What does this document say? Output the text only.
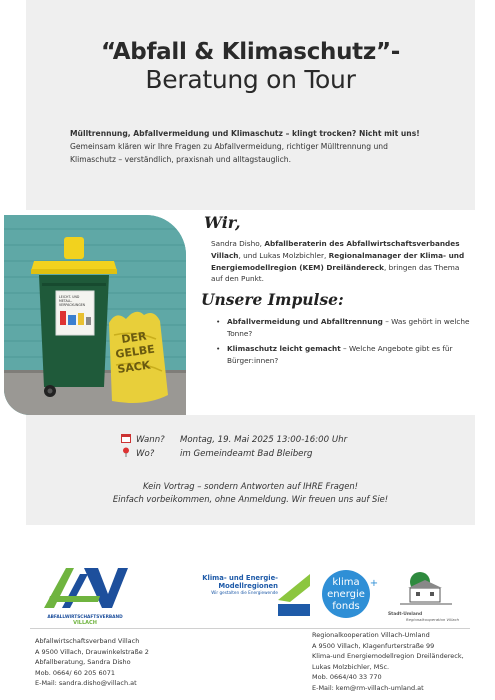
“Abfall & Klimaschutz”-
Beratung on Tour
Mülltrennung, Abfallvermeidung und Klimaschutz – klingt trocken? Nicht mit uns!
Gemeinsam klären wir Ihre Fragen zu Abfallvermeidung, richtiger Mülltrennung und Klimaschutz – verständlich, praxisnah und alltagstauglich.
LEICHT- UND
METALL-
VERPACKUNGEN
DER
GELBE
SACK
Wir,
Sandra Disho, Abfallberaterin des Abfallwirtschaftsverbandes Villach, und Lukas Molzbichler, Regionalmanager der Klima- und Energiemodellregion (KEM) Dreiländereck, bringen das Thema auf den Punkt.
Unsere Impulse:
• Abfallvermeidung und Abfalltrennung – Was gehört in welche Tonne?
• Klimaschutz leicht gemacht – Welche Angebote gibt es für Bürger:innen?
Wann?	Montag, 19. Mai 2025 13:00-16:00 Uhr
Wo?	im Gemeindeamt Bad Bleiberg
Kein Vortrag – sondern Antworten auf IHRE Fragen!
Einfach vorbeikommen, ohne Anmeldung. Wir freuen uns auf Sie!
ABFALLWIRTSCHAFTSVERBAND
VILLACH
Klima- und Energie-
Modellregionen
Wir gestalten die Energiewende
klima
energie
fonds
+
Stadt-Umland
Regionalkooperation Villach
Abfallwirtschaftsverband Villach
A 9500 Villach, Drauwinkelstraße 2
Abfallberatung, Sandra Disho
Mob. 0664/ 60 205 6071
E-Mail: sandra.disho@villach.at
Regionalkooperation Villach-Umland
A 9500 Villach, Klagenfurterstraße 99
Klima-und Energiemodellregion Dreiländereck,
Lukas Molzbichler, MSc.
Mob. 0664/40 33 770
E-Mail: kem@rm-villach-umland.at
